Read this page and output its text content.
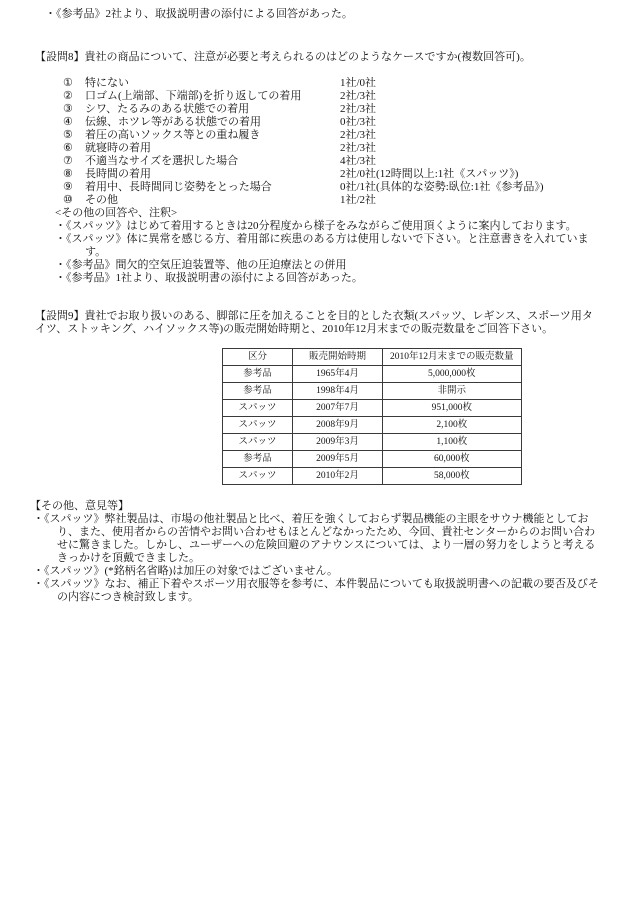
・《参考品》2社より、取扱説明書の添付による回答があった。
【設問8】貴社の商品について、注意が必要と考えられるのはどのようなケースですか(複数回答可)。
①	特にない	1社/0社
②	口ゴム(上端部、下端部)を折り返しての着用	2社/3社
③	シワ、たるみのある状態での着用	2社/3社
④	伝線、ホツレ等がある状態での着用	0社/3社
⑤	着圧の高いソックス等との重ね履き	2社/3社
⑥	就寝時の着用	2社/3社
⑦	不適当なサイズを選択した場合	4社/3社
⑧	長時間の着用	2社/0社(12時間以上:1社《スパッツ》)
⑨	着用中、長時間同じ姿勢をとった場合	0社/1社(具体的な姿勢:臥位:1社《参考品》)
⑩	その他	1社/2社
<その他の回答や、注釈>
・《スパッツ》はじめて着用するときは20分程度から様子をみながらご使用頂くように案内しております。
・《スパッツ》体に異常を感じる方、着用部に疾患のある方は使用しないで下さい。と注意書きを入れています。
・《参考品》間欠的空気圧迫装置等、他の圧迫療法との併用
・《参考品》1社より、取扱説明書の添付による回答があった。
【設問9】貴社でお取り扱いのある、脚部に圧を加えることを目的とした衣類(スパッツ、レギンス、スポーツ用タイツ、ストッキング、ハイソックス等)の販売開始時期と、2010年12月末までの販売数量をご回答下さい。
区分	販売開始時期	2010年12月末までの販売数量
参考品	1965年4月	5,000,000枚
参考品	1998年4月	非開示
スパッツ	2007年7月	951,000枚
スパッツ	2008年9月	2,100枚
スパッツ	2009年3月	1,100枚
参考品	2009年5月	60,000枚
スパッツ	2010年2月	58,000枚
【その他、意見等】
・《スパッツ》弊社製品は、市場の他社製品と比べ、着圧を強くしておらず製品機能の主眼をサウナ機能としており、また、使用者からの苦情やお問い合わせもほとんどなかったため、今回、貴社センターからのお問い合わせに驚きました。しかし、ユーザーへの危険回避のアナウンスについては、より一層の努力をしようと考えるきっかけを頂戴できました。
・《スパッツ》(*銘柄名省略)は加圧の対象ではございません。
・《スパッツ》なお、補正下着やスポーツ用衣服等を参考に、本件製品についても取扱説明書への記載の要否及びその内容につき検討致します。
